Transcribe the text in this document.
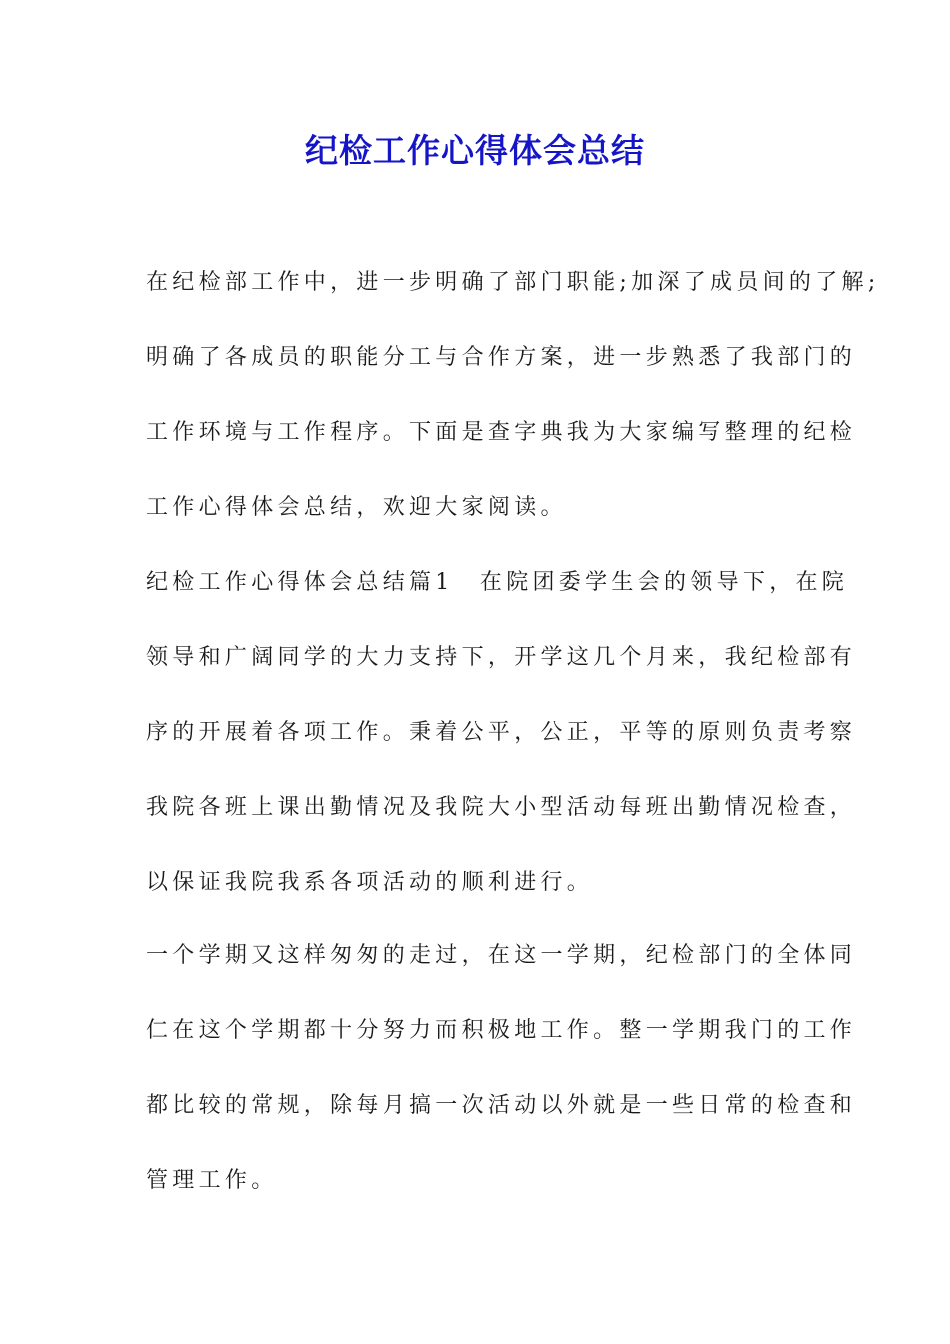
纪检工作心得体会总结

在纪检部工作中，进一步明确了部门职能;加深了成员间的了解;

明确了各成员的职能分工与合作方案，进一步熟悉了我部门的

工作环境与工作程序。下面是查字典我为大家编写整理的纪检

工作心得体会总结，欢迎大家阅读。

纪检工作心得体会总结篇1　在院团委学生会的领导下，在院

领导和广阔同学的大力支持下，开学这几个月来，我纪检部有

序的开展着各项工作。秉着公平，公正，平等的原则负责考察

我院各班上课出勤情况及我院大小型活动每班出勤情况检查，

以保证我院我系各项活动的顺利进行。

一个学期又这样匆匆的走过，在这一学期，纪检部门的全体同

仁在这个学期都十分努力而积极地工作。整一学期我门的工作

都比较的常规，除每月搞一次活动以外就是一些日常的检查和

管理工作。
